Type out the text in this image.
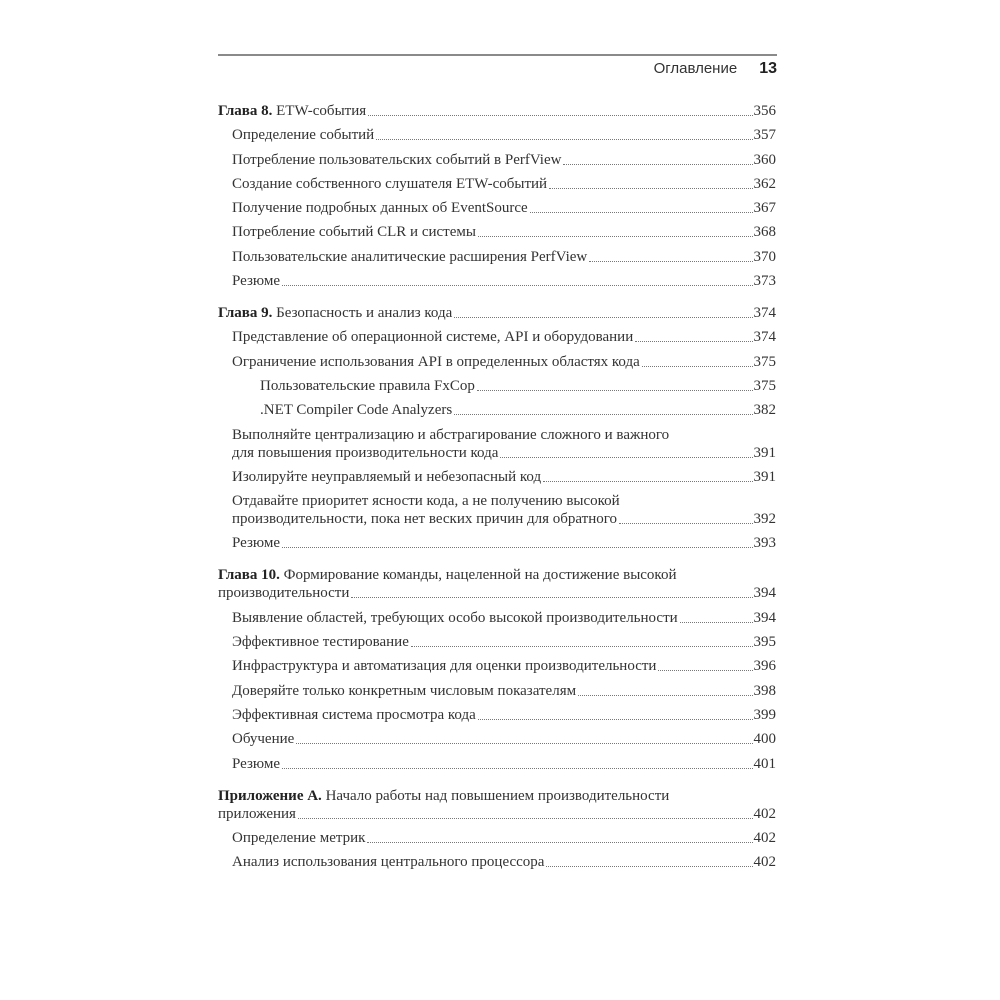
Оглавление 13
Глава 8. ETW-события	356
Определение событий	357
Потребление пользовательских событий в PerfView	360
Создание собственного слушателя ETW-событий	362
Получение подробных данных об EventSource	367
Потребление событий CLR и системы	368
Пользовательские аналитические расширения PerfView	370
Резюме	373
Глава 9. Безопасность и анализ кода	374
Представление об операционной системе, API и оборудовании	374
Ограничение использования API в определенных областях кода	375
Пользовательские правила FxCop	375
.NET Compiler Code Analyzers	382
Выполняйте централизацию и абстрагирование сложного и важного
для повышения производительности кода	391
Изолируйте неуправляемый и небезопасный код	391
Отдавайте приоритет ясности кода, а не получению высокой
производительности, пока нет веских причин для обратного	392
Резюме	393
Глава 10. Формирование команды, нацеленной на достижение высокой
производительности	394
Выявление областей, требующих особо высокой производительности	394
Эффективное тестирование	395
Инфраструктура и автоматизация для оценки производительности	396
Доверяйте только конкретным числовым показателям	398
Эффективная система просмотра кода	399
Обучение	400
Резюме	401
Приложение А. Начало работы над повышением производительности
приложения	402
Определение метрик	402
Анализ использования центрального процессора	402
